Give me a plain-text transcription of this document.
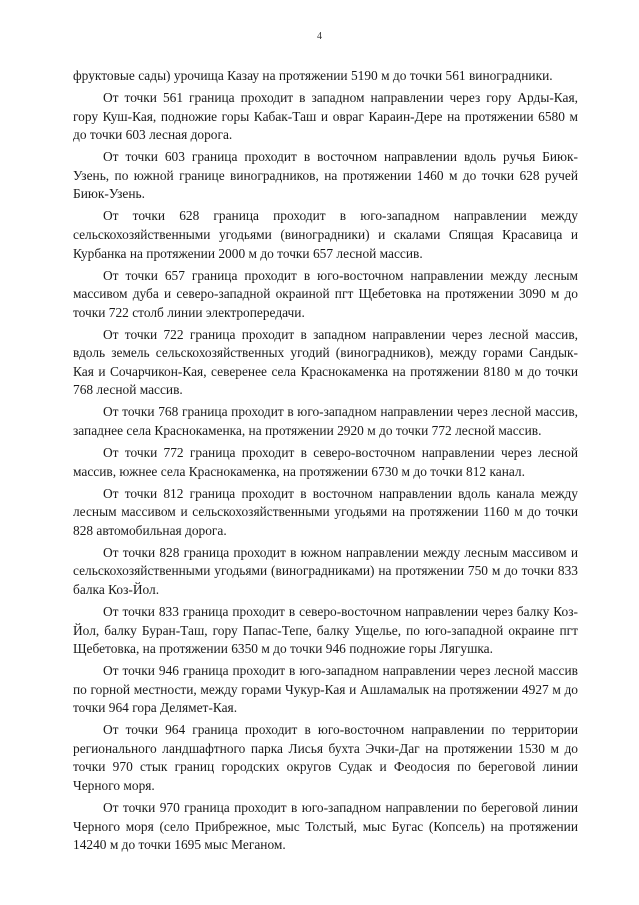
4

фруктовые сады) урочища Казау на протяжении 5190 м до точки 561 виноградники.

От точки 561 граница проходит в западном направлении через гору Арды-Кая, гору Куш-Кая, подножие горы Кабак-Таш и овраг Караин-Дере на протяжении 6580 м до точки 603 лесная дорога.

От точки 603 граница проходит в восточном направлении вдоль ручья Биюк-Узень, по южной границе виноградников, на протяжении 1460 м до точки 628 ручей Биюк-Узень.

От точки 628 граница проходит в юго-западном направлении между сельскохозяйственными угодьями (виноградники) и скалами Спящая Красавица и Курбанка на протяжении 2000 м до точки 657 лесной массив.

От точки 657 граница проходит в юго-восточном направлении между лесным массивом дуба и северо-западной окраиной пгт Щебетовка на протяжении 3090 м до точки 722 столб линии электропередачи.

От точки 722 граница проходит в западном направлении через лесной массив, вдоль земель сельскохозяйственных угодий (виноградников), между горами Сандык-Кая и Сочарчикон-Кая, северенее села Краснокаменка на протяжении 8180 м до точки 768 лесной массив.

От точки 768 граница проходит в юго-западном направлении через лесной массив, западнее села Краснокаменка, на протяжении 2920 м до точки 772 лесной массив.

От точки 772 граница проходит в северо-восточном направлении через лесной массив, южнее села Краснокаменка, на протяжении 6730 м до точки 812 канал.

От точки 812 граница проходит в восточном направлении вдоль канала между лесным массивом и сельскохозяйственными угодьями на протяжении 1160 м до точки 828 автомобильная дорога.

От точки 828 граница проходит в южном направлении между лесным массивом и сельскохозяйственными угодьями (виноградниками) на протяжении 750 м до точки 833 балка Коз-Йол.

От точки 833 граница проходит в северо-восточном направлении через балку Коз-Йол, балку Буран-Таш, гору Папас-Тепе, балку Ущелье, по юго-западной окраине пгт Щебетовка, на протяжении 6350 м до точки 946 подножие горы Лягушка.

От точки 946 граница проходит в юго-западном направлении через лесной массив по горной местности, между горами Чукур-Кая и Ашламалык на протяжении 4927 м до точки 964 гора Делямет-Кая.

От точки 964 граница проходит в юго-восточном направлении по территории регионального ландшафтного парка Лисья бухта Эчки-Даг на протяжении 1530 м до точки 970 стык границ городских округов Судак и Феодосия по береговой линии Черного моря.

От точки 970 граница проходит в юго-западном направлении по береговой линии Черного моря (село Прибрежное, мыс Толстый, мыс Бугас (Копсель) на протяжении 14240 м до точки 1695 мыс Меганом.
